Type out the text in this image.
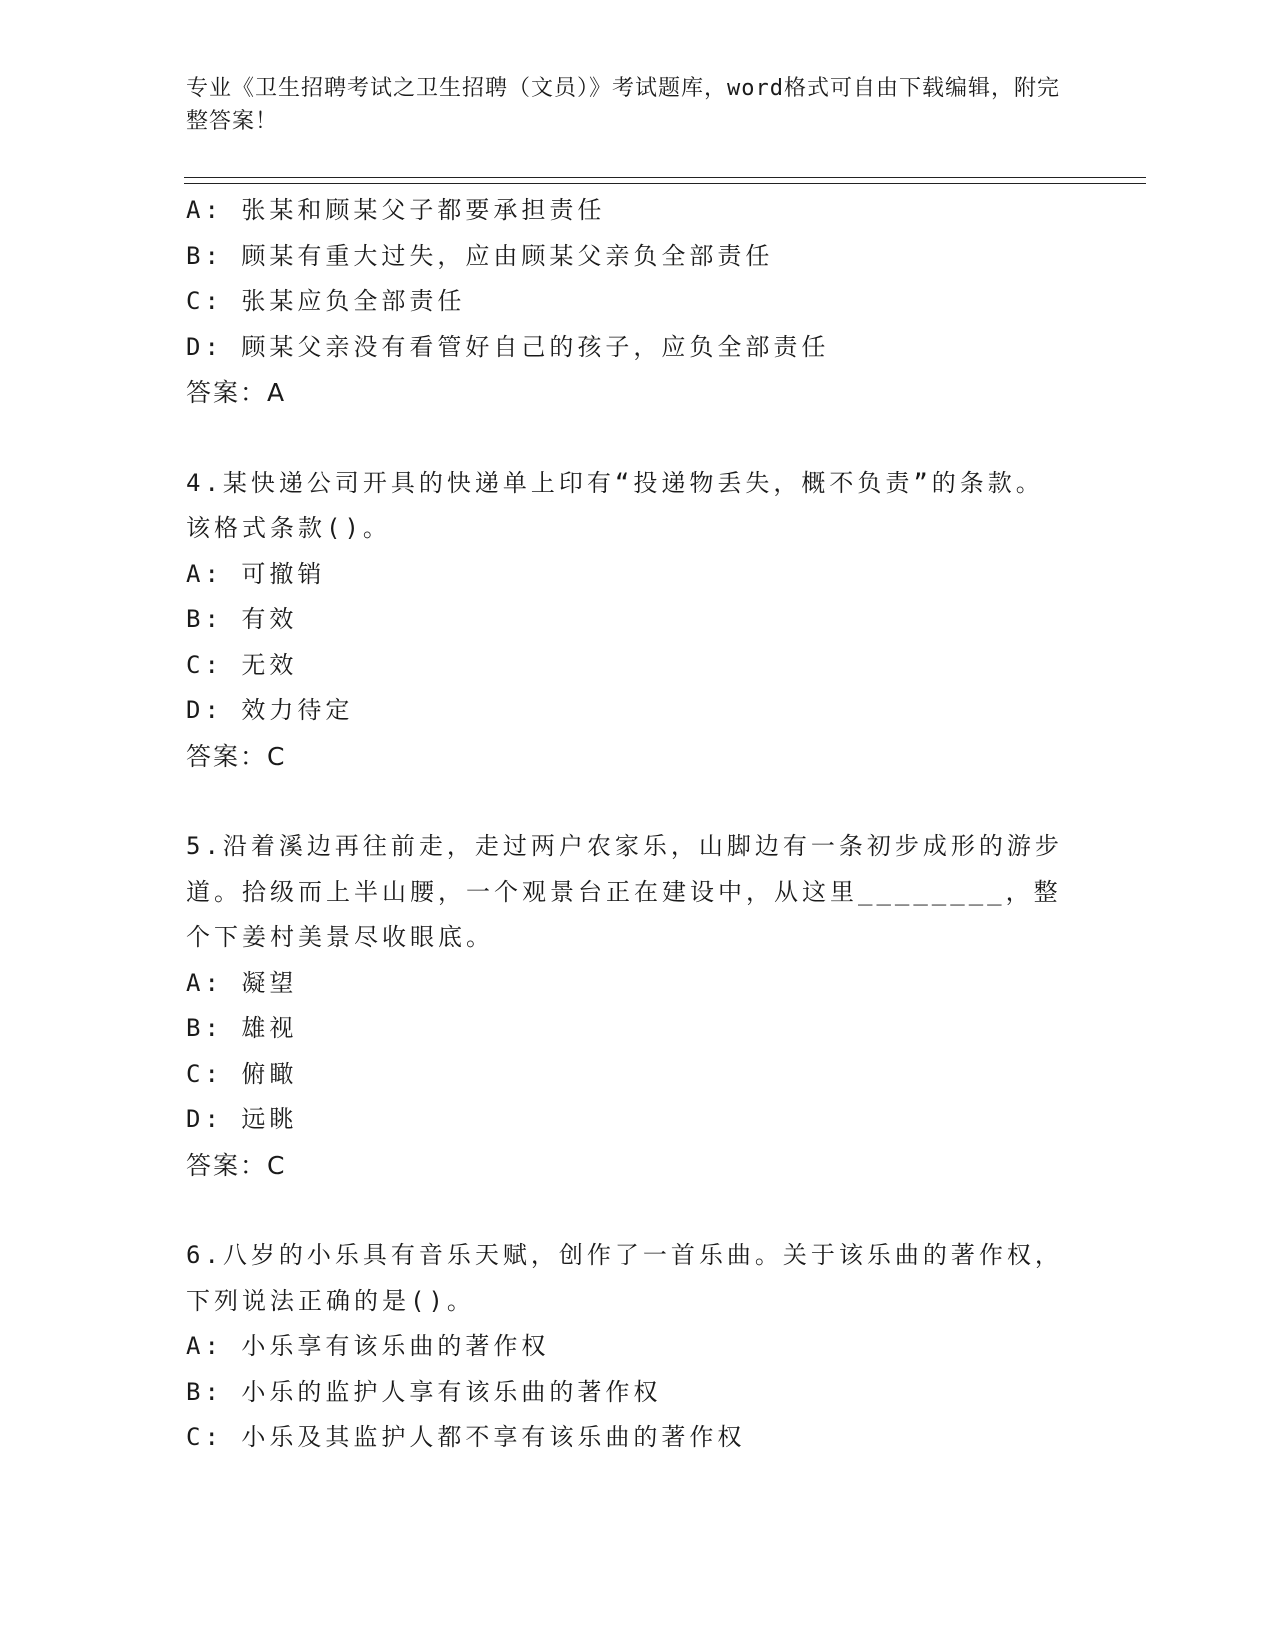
专业《卫生招聘考试之卫生招聘（文员）》考试题库，word格式可自由下载编辑，附完整答案！
A: 张某和顾某父子都要承担责任
B: 顾某有重大过失，应由顾某父亲负全部责任
C: 张某应负全部责任
D: 顾某父亲没有看管好自己的孩子，应负全部责任
答案：A
4.某快递公司开具的快递单上印有“投递物丢失，概不负责”的条款。该格式条款()。
A: 可撤销
B: 有效
C: 无效
D: 效力待定
答案：C
5.沿着溪边再往前走，走过两户农家乐，山脚边有一条初步成形的游步道。拾级而上半山腰，一个观景台正在建设中，从这里________，整个下姜村美景尽收眼底。
A: 凝望
B: 雄视
C: 俯瞰
D: 远眺
答案：C
6.八岁的小乐具有音乐天赋，创作了一首乐曲。关于该乐曲的著作权，下列说法正确的是()。
A: 小乐享有该乐曲的著作权
B: 小乐的监护人享有该乐曲的著作权
C: 小乐及其监护人都不享有该乐曲的著作权
